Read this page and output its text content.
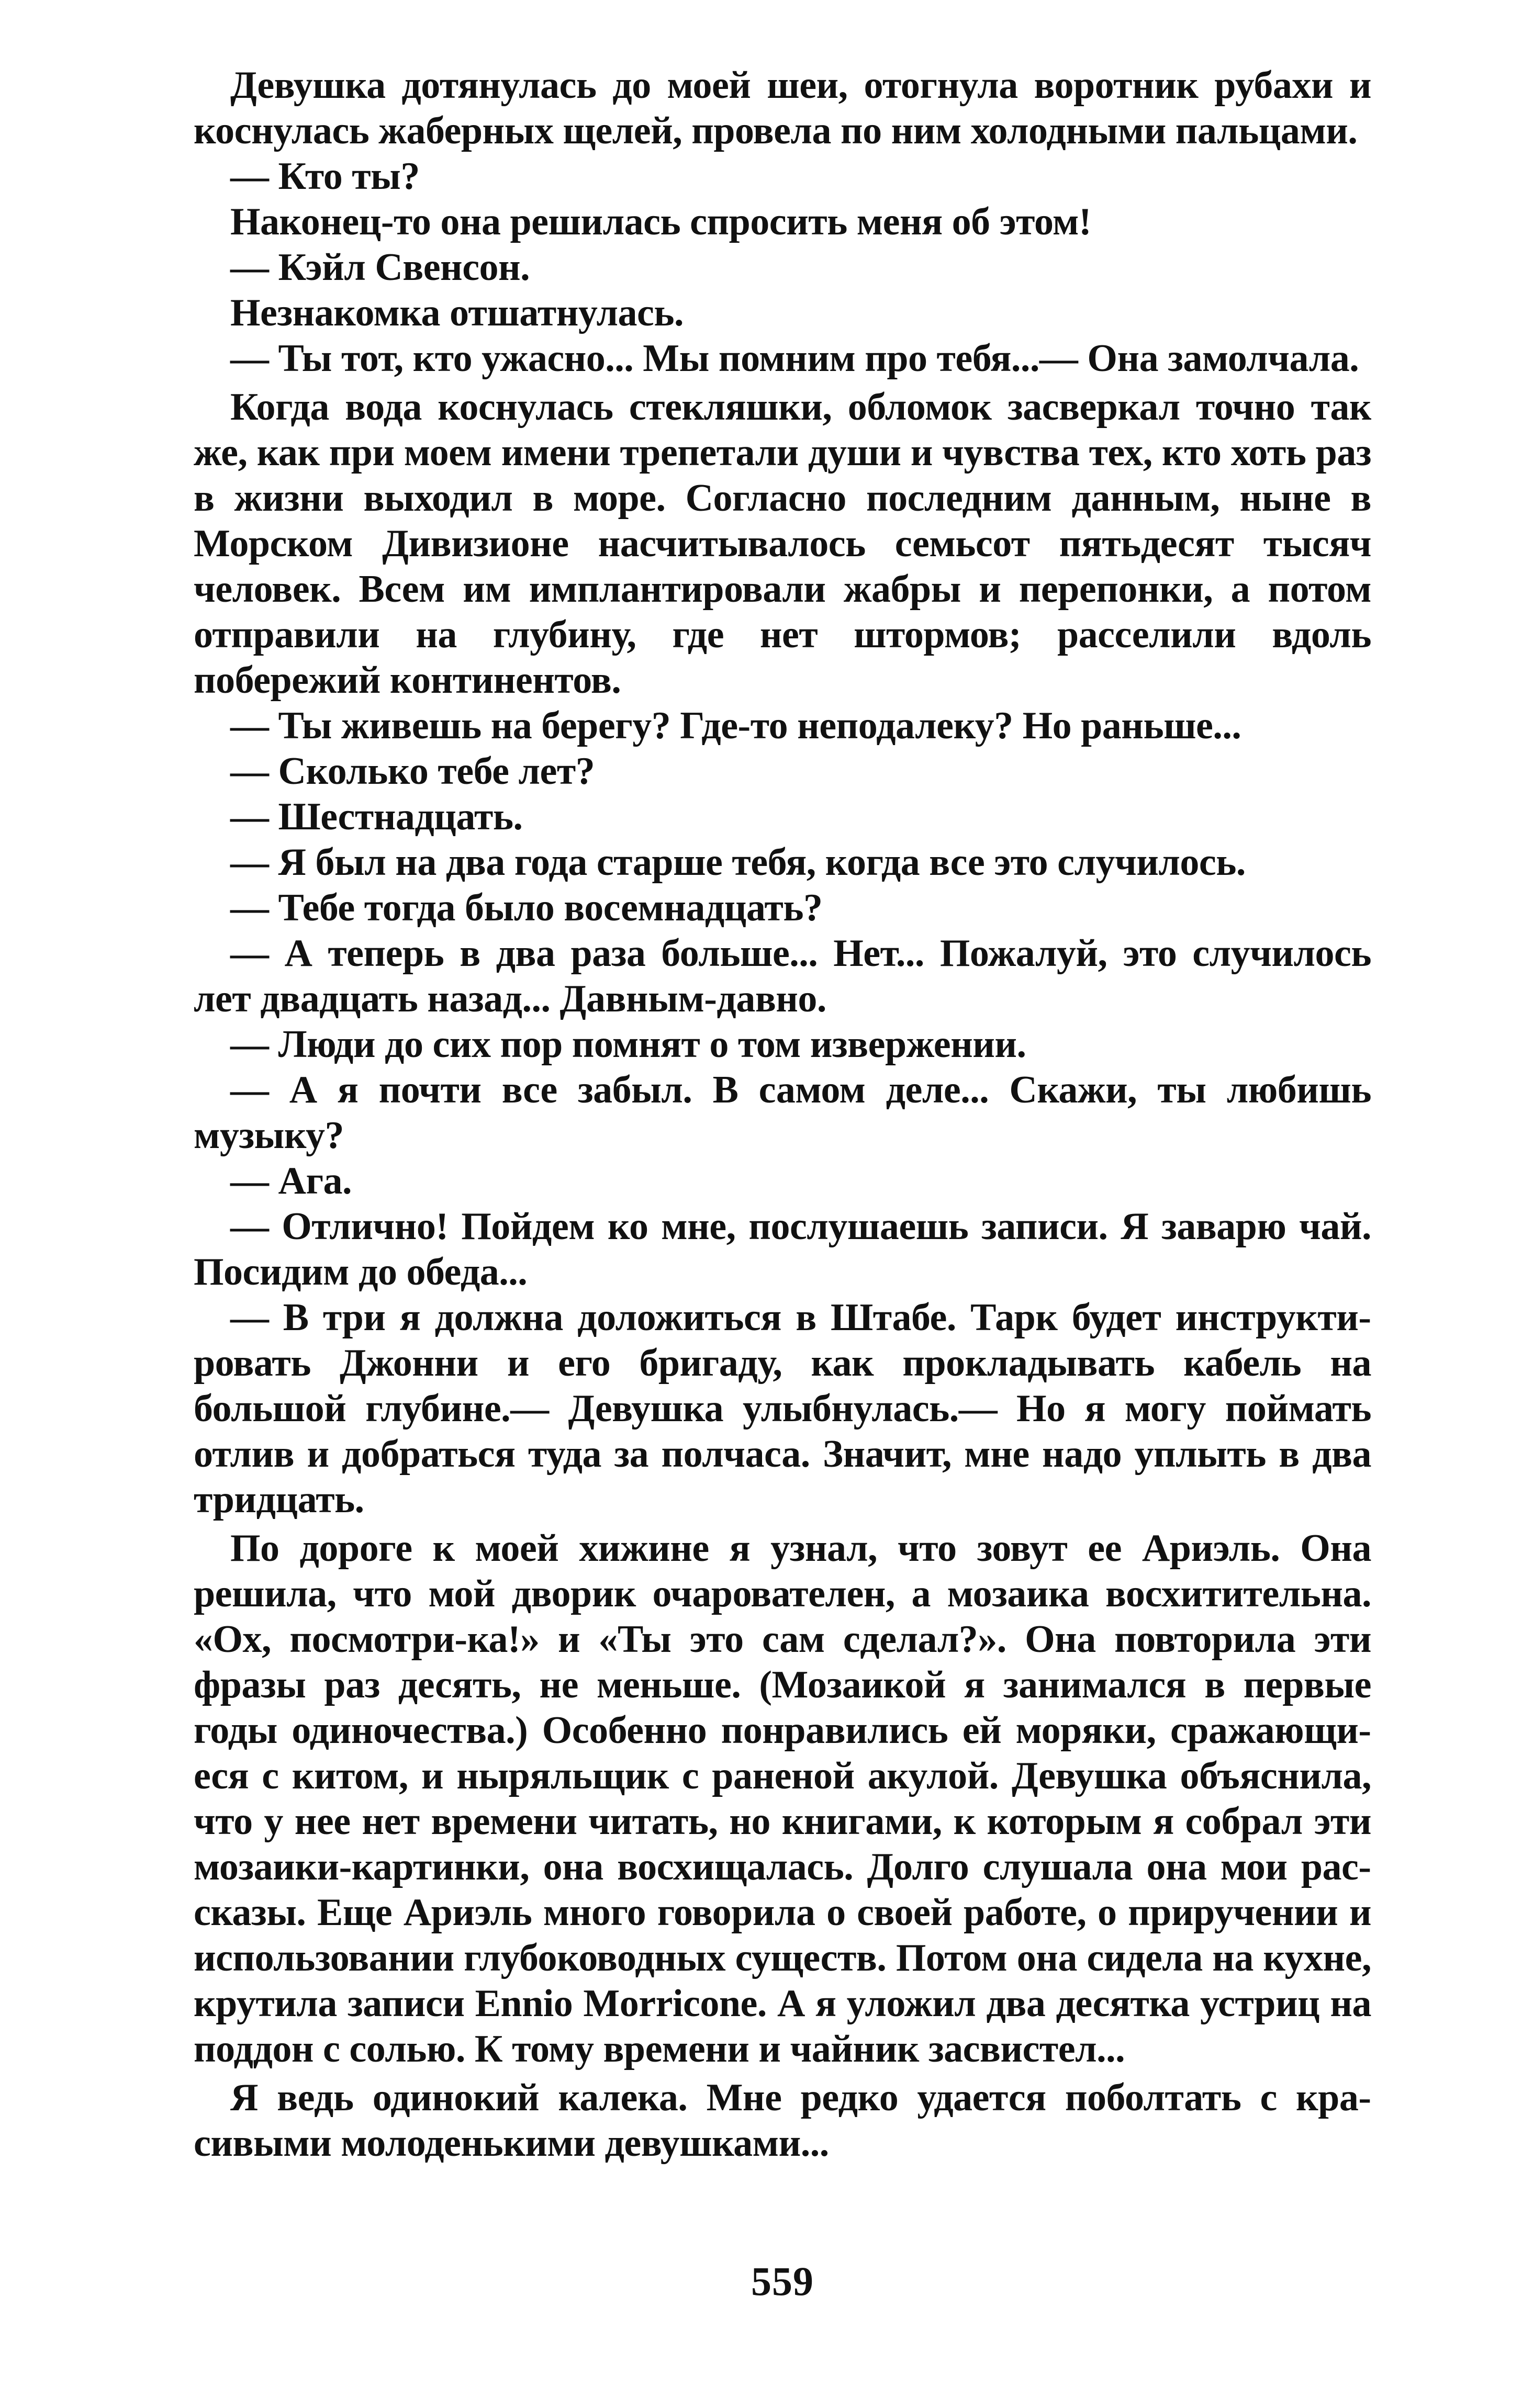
Девушка дотянулась до моей шеи, отогнула воротник рубахи и коснулась жаберных щелей, провела по ним холодными пальцами.

— Кто ты?

Наконец-то она решилась спросить меня об этом!

— Кэйл Свенсон.

Незнакомка отшатнулась.

— Ты тот, кто ужасно... Мы помним про тебя...— Она замолчала.

Когда вода коснулась стекляшки, обломок засверкал точно так же, как при моем имени трепетали души и чувства тех, кто хоть раз в жизни выходил в море. Согласно последним данным, ныне в Морском Дивизионе насчитывалось семьсот пятьдесят тысяч человек. Всем им имплантировали жабры и перепонки, а потом отправили на глубину, где нет штормов; расселили вдоль побережий континентов.

— Ты живешь на берегу? Где-то неподалеку? Но раньше...

— Сколько тебе лет?

— Шестнадцать.

— Я был на два года старше тебя, когда все это случилось.

— Тебе тогда было восемнадцать?

— А теперь в два раза больше... Нет... Пожалуй, это случилось лет двадцать назад... Давным-давно.

— Люди до сих пор помнят о том извержении.

— А я почти все забыл. В самом деле... Скажи, ты любишь музыку?

— Ага.

— Отлично! Пойдем ко мне, послушаешь записи. Я заварю чай. Посидим до обеда...

— В три я должна доложиться в Штабе. Тарк будет инструктировать Джонни и его бригаду, как прокладывать кабель на большой глубине.— Девушка улыбнулась.— Но я могу поймать отлив и добраться туда за полчаса. Значит, мне надо уплыть в два тридцать.

По дороге к моей хижине я узнал, что зовут ее Ариэль. Она решила, что мой дворик очарователен, а мозаика восхитительна. «Ох, посмотри-ка!» и «Ты это сам сделал?». Она повторила эти фразы раз десять, не меньше. (Мозаикой я занимался в первые годы одиночества.) Особенно понравились ей моряки, сражающиеся с китом, и ныряльщик с раненой акулой. Девушка объяснила, что у нее нет времени читать, но книгами, к которым я собрал эти мозаики-картинки, она восхищалась. Долго слушала она мои рассказы. Еще Ариэль много говорила о своей работе, о приручении и использовании глубоководных существ. Потом она сидела на кухне, крутила записи Ennio Morricone. А я уложил два десятка устриц на поддон с солью. К тому времени и чайник засвистел...

Я ведь одинокий калека. Мне редко удается поболтать с красивыми молоденькими девушками...

559
